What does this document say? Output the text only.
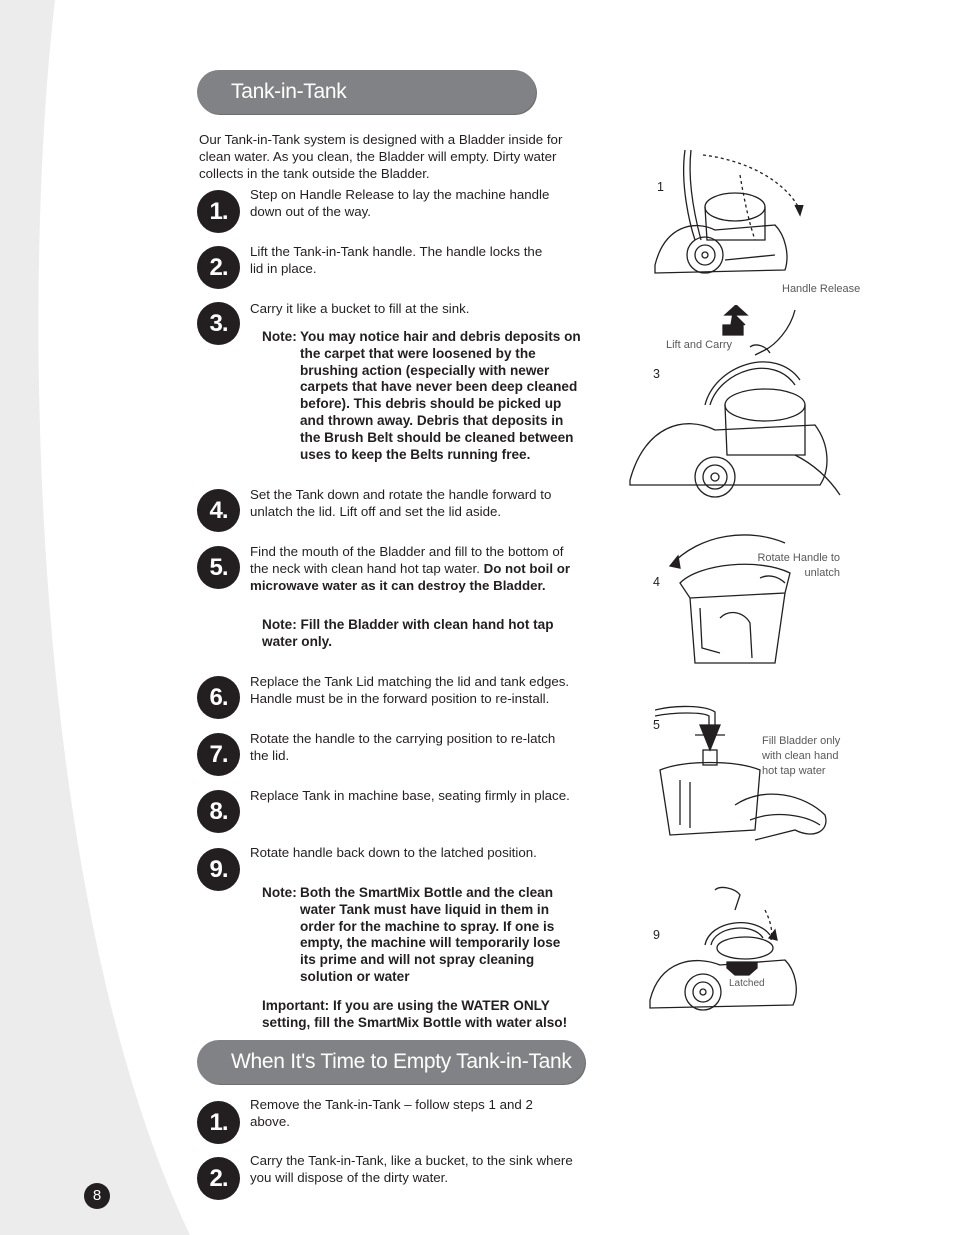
Tank-in-Tank
Our Tank-in-Tank system is designed with a Bladder inside for clean water. As you clean, the Bladder will empty. Dirty water collects in the tank outside the Bladder.
1.
Step on Handle Release to lay the machine handle down out of the way.
2.
Lift the Tank-in-Tank handle. The handle locks the lid in place.
3.
Carry it like a bucket to fill at the sink.
Note: You may notice hair and debris deposits on the carpet that were loosened by the brushing action (especially with newer carpets that have never been deep cleaned before). This debris should be picked up and thrown away. Debris that deposits in the Brush Belt should be cleaned between uses to keep the Belts running free.
4.
Set the Tank down and rotate the handle forward to unlatch the lid. Lift off and set the lid aside.
5.
Find the mouth of the Bladder and fill to the bottom of the neck with clean hand hot tap water. Do not boil or microwave water as it can destroy the Bladder.
Note: Fill the Bladder with clean hand hot tap water only.
6.
Replace the Tank Lid matching the lid and tank edges. Handle must be in the forward position to re-install.
7.
Rotate the handle to the carrying position to re-latch the lid.
8.
Replace Tank in machine base, seating firmly in place.
9.
Rotate handle back down to the latched position.
Note: Both the SmartMix Bottle and the clean water Tank must have liquid in them in order for the machine to spray. If one is empty, the machine will temporarily lose its prime and will not spray cleaning solution or water
Important: If you are using the WATER ONLY setting, fill the SmartMix Bottle with water also!
When It's Time to Empty Tank-in-Tank
1.
Remove the Tank-in-Tank – follow steps 1 and 2 above.
2.
Carry the Tank-in-Tank, like a bucket, to the sink where you will dispose of the dirty water.
8
1
Handle Release
Lift and Carry
3
Rotate Handle to unlatch
4
5
Fill Bladder only with clean hand hot tap water
9
Latched
